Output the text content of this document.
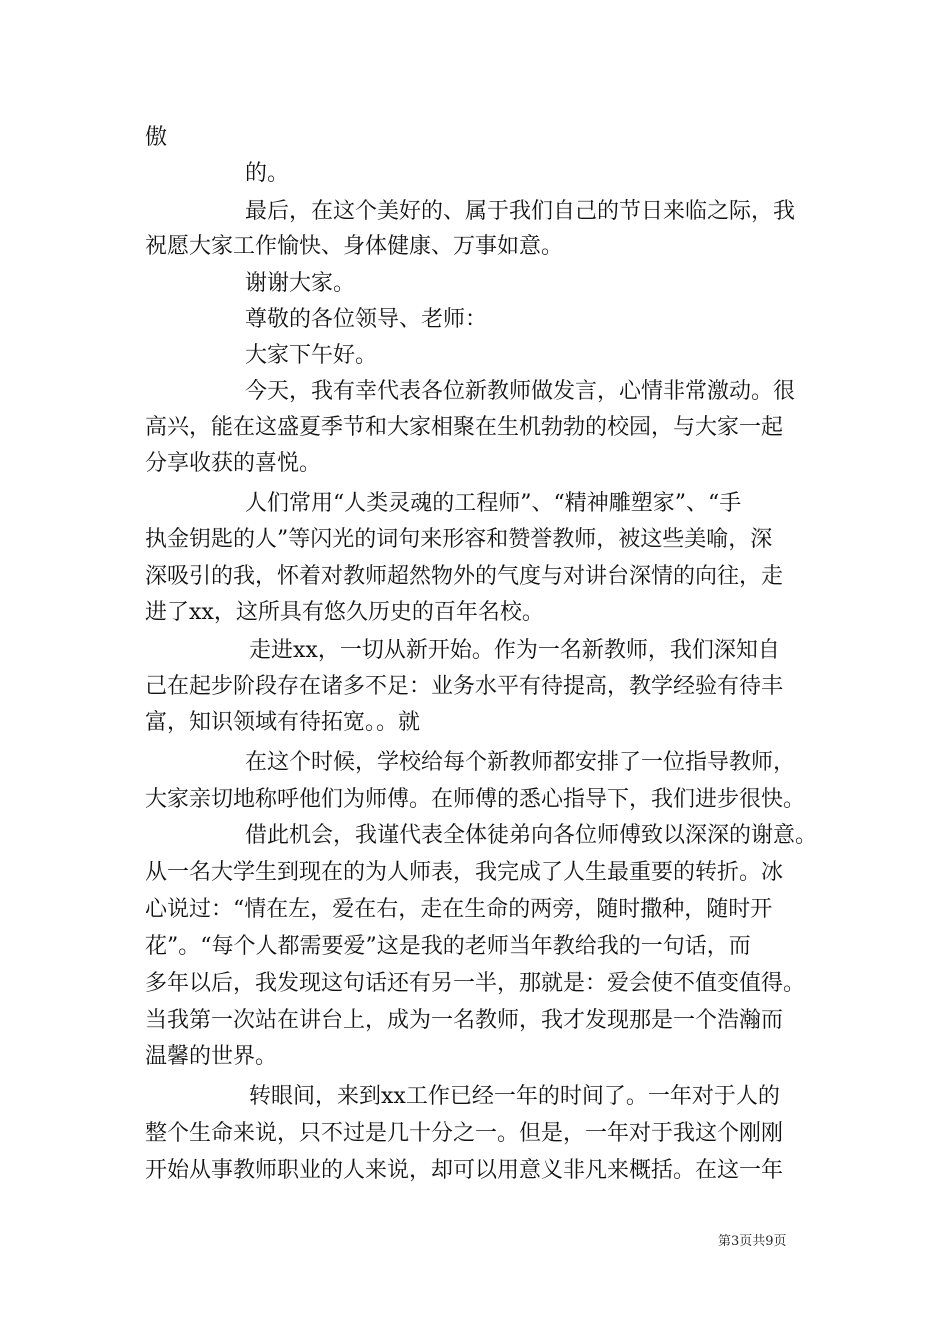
傲
的。
最后，在这个美好的、属于我们自己的节日来临之际，我
祝愿大家工作愉快、身体健康、万事如意。
谢谢大家。
尊敬的各位领导、老师：
大家下午好。
今天，我有幸代表各位新教师做发言，心情非常激动。很
高兴，能在这盛夏季节和大家相聚在生机勃勃的校园，与大家一起
分享收获的喜悦。
人们常用“人类灵魂的工程师”、“精神雕塑家”、“手
执金钥匙的人”等闪光的词句来形容和赞誉教师，被这些美喻，深
深吸引的我，怀着对教师超然物外的气度与对讲台深情的向往，走
进了xx，这所具有悠久历史的百年名校。
走进xx，一切从新开始。作为一名新教师，我们深知自
己在起步阶段存在诸多不足：业务水平有待提高，教学经验有待丰
富，知识领域有待拓宽。。就
在这个时候，学校给每个新教师都安排了一位指导教师，
大家亲切地称呼他们为师傅。在师傅的悉心指导下，我们进步很快。
借此机会，我谨代表全体徒弟向各位师傅致以深深的谢意。
从一名大学生到现在的为人师表，我完成了人生最重要的转折。冰
心说过：“情在左，爱在右，走在生命的两旁，随时撒种，随时开
花”。“每个人都需要爱”这是我的老师当年教给我的一句话，而
多年以后，我发现这句话还有另一半，那就是：爱会使不值变值得。
当我第一次站在讲台上，成为一名教师，我才发现那是一个浩瀚而
温馨的世界。
转眼间，来到xx工作已经一年的时间了。一年对于人的
整个生命来说，只不过是几十分之一。但是，一年对于我这个刚刚
开始从事教师职业的人来说，却可以用意义非凡来概括。在这一年
第3页共9页
